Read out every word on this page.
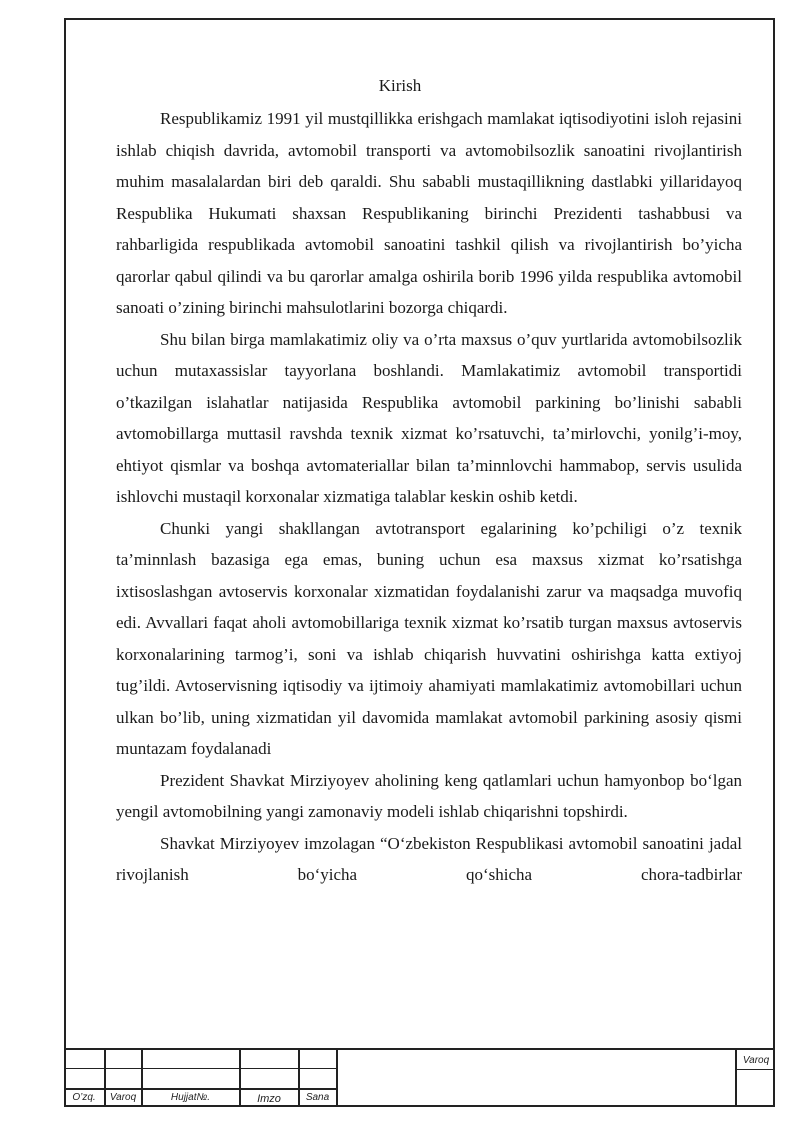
Kirish

Respublikamiz 1991 yil mustqillikka erishgach mamlakat iqtisodiyotini isloh rejasini ishlab chiqish davrida, avtomobil transporti va avtomobilsozlik sanoatini rivojlantirish muhim masalalardan biri deb qaraldi. Shu sababli mustaqillikning dastlabki yillaridayoq Respublika Hukumati shaxsan Respublikaning birinchi Prezidenti tashabbusi va rahbarligida respublikada avtomobil sanoatini tashkil qilish va rivojlantirish bo’yicha qarorlar qabul qilindi va bu qarorlar amalga oshirila borib 1996 yilda respublika avtomobil sanoati o’zining birinchi mahsulotlarini bozorga chiqardi.

Shu bilan birga mamlakatimiz oliy va o’rta maxsus o’quv yurtlarida avtomobilsozlik uchun mutaxassislar tayyorlana boshlandi. Mamlakatimiz avtomobil transportidi o’tkazilgan islahatlar natijasida Respublika avtomobil parkining bo’linishi sababli avtomobillarga muttasil ravshda texnik xizmat ko’rsatuvchi, ta’mirlovchi, yonilg’i-moy, ehtiyot qismlar va boshqa avtomateriallar bilan ta’minnlovchi hammabop, servis usulida ishlovchi mustaqil korxonalar xizmatiga talablar keskin oshib ketdi.

Chunki yangi shakllangan avtotransport egalarining ko’pchiligi o’z texnik ta’minnlash bazasiga ega emas, buning uchun esa maxsus xizmat ko’rsatishga ixtisoslashgan avtoservis korxonalar xizmatidan foydalanishi zarur va maqsadga muvofiq edi. Avvallari faqat aholi avtomobillariga texnik xizmat ko’rsatib turgan maxsus avtoservis korxonalarining tarmog’i, soni va ishlab chiqarish huvvatini oshirishga katta extiyoj tug’ildi. Avtoservisning iqtisodiy va ijtimoiy ahamiyati mamlakatimiz avtomobillari uchun ulkan bo’lib, uning xizmatidan yil davomida mamlakat avtomobil parkining asosiy qismi muntazam foydalanadi

Prezident Shavkat Mirziyoyev aholining keng qatlamlari uchun hamyonbop bo‘lgan yengil avtomobilning yangi zamonaviy modeli ishlab chiqarishni topshirdi.

Shavkat Mirziyoyev imzolagan “O‘zbekiston Respublikasi avtomobil sanoatini jadal rivojlanish bo‘yicha qo‘shicha chora-tadbirlar

O’zq.	Varoq	Hujjat№.	Imzo	Sana
Varoq
